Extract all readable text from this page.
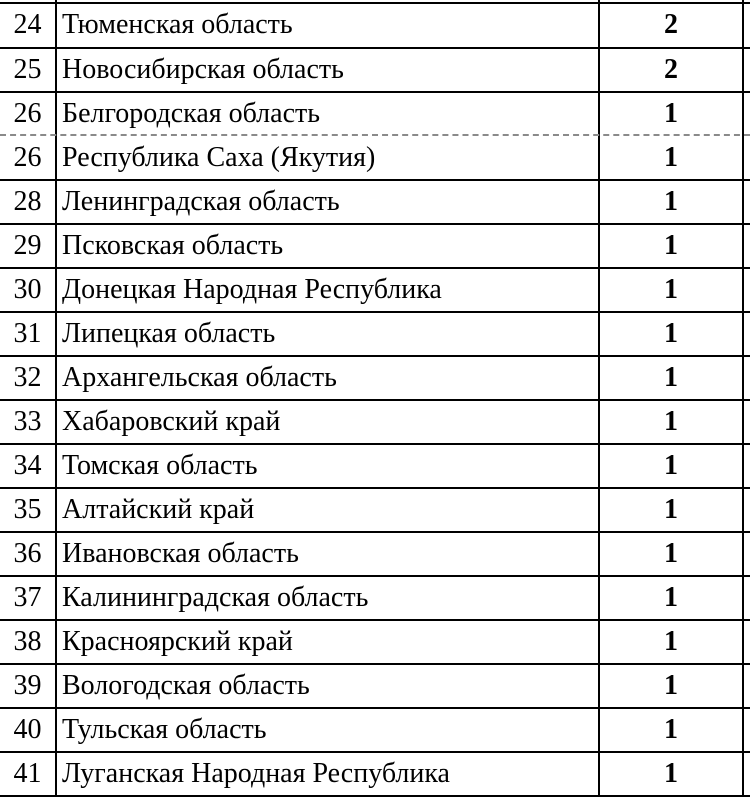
24 Тюменская область	2
25 Новосибирская область	2
26 Белгородская область	1
26 Республика Саха (Якутия)	1
28 Ленинградская область	1
29 Псковская область	1
30 Донецкая Народная Республика	1
31 Липецкая область	1
32 Архангельская область	1
33 Хабаровский край	1
34 Томская область	1
35 Алтайский край	1
36 Ивановская область	1
37 Калининградская область	1
38 Красноярский край	1
39 Вологодская область	1
40 Тульская область	1
41 Луганская Народная Республика	1
